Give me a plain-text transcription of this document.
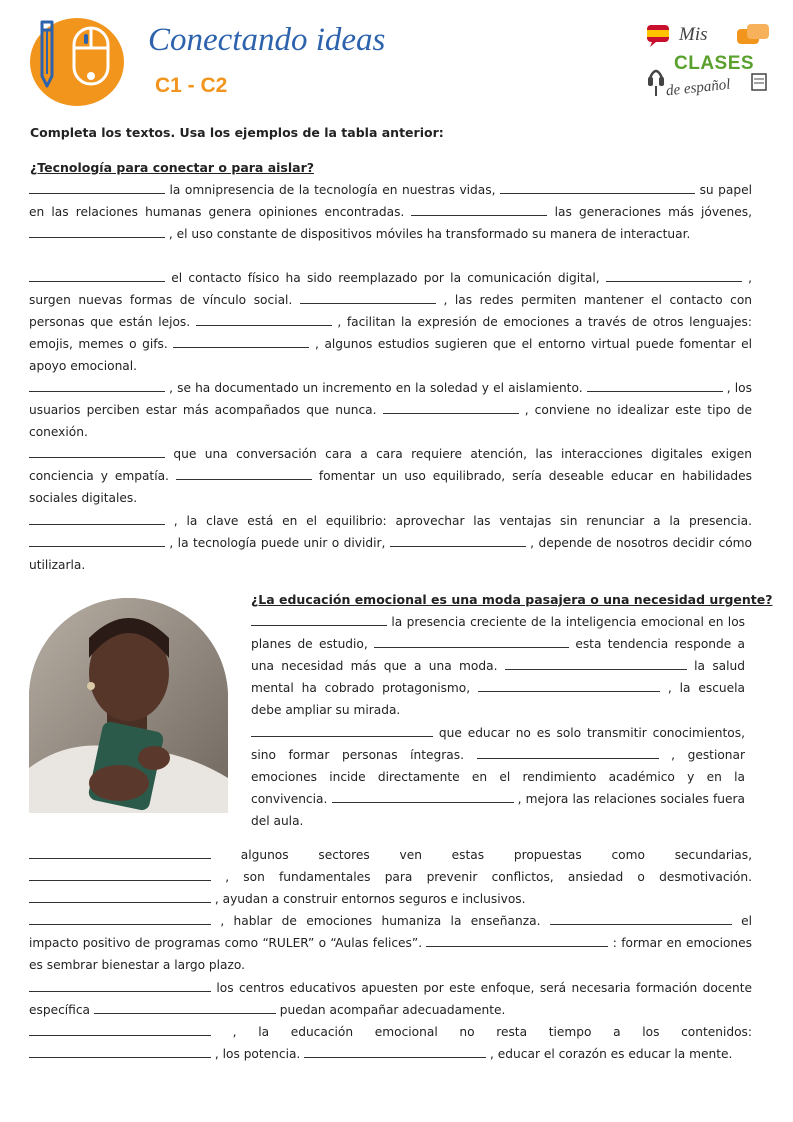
Conectando ideas
C1 - C2
Mis
CLASES
de español
Completa los textos. Usa los ejemplos de la tabla anterior:
¿Tecnología para conectar o para aislar?
la omnipresencia de la tecnología en nuestras vidas,	su papel en las relaciones humanas genera opiniones encontradas.	las generaciones más jóvenes,  , el uso constante de dispositivos móviles ha transformado su manera de interactuar.
el contacto físico ha sido reemplazado por la comunicación digital,	, surgen nuevas formas de vínculo social.	, las redes permiten mantener el contacto con personas que están lejos.	, facilitan la expresión de emociones a través de otros lenguajes: emojis, memes o gifs.	, algunos estudios sugieren que el entorno virtual puede fomentar el apoyo emocional.
, se ha documentado un incremento en la soledad y el aislamiento.	, los usuarios perciben estar más acompañados que nunca.	, conviene no idealizar este tipo de conexión.
que una conversación cara a cara requiere atención, las interacciones digitales exigen conciencia y empatía.	fomentar un uso equilibrado, sería deseable educar en habilidades sociales digitales.
, la clave está en el equilibrio: aprovechar las ventajas sin renunciar a la presencia.  , la tecnología puede unir o dividir,	, depende de nosotros decidir cómo utilizarla.
¿La educación emocional es una moda pasajera o una necesidad urgente?
la presencia creciente de la inteligencia emocional en los planes de estudio,	esta tendencia responde a una necesidad más que a una moda.	la salud mental ha cobrado protagonismo,	, la escuela debe ampliar su mirada.
que educar no es solo transmitir conocimientos, sino formar personas íntegras.	, gestionar emociones incide directamente en el rendimiento académico y en la convivencia.	, mejora las relaciones sociales fuera del aula.
algunos sectores ven estas propuestas como secundarias,  , son fundamentales para prevenir conflictos, ansiedad o desmotivación.  , ayudan a construir entornos seguros e inclusivos.
, hablar de emociones humaniza la enseñanza.	el impacto positivo de programas como “RULER” o “Aulas felices”.	: formar en emociones es sembrar bienestar a largo plazo.
los centros educativos apuesten por este enfoque, será necesaria formación docente específica	puedan acompañar adecuadamente.
, la educación emocional no resta tiempo a los contenidos:  , los potencia.	, educar el corazón es educar la mente.
